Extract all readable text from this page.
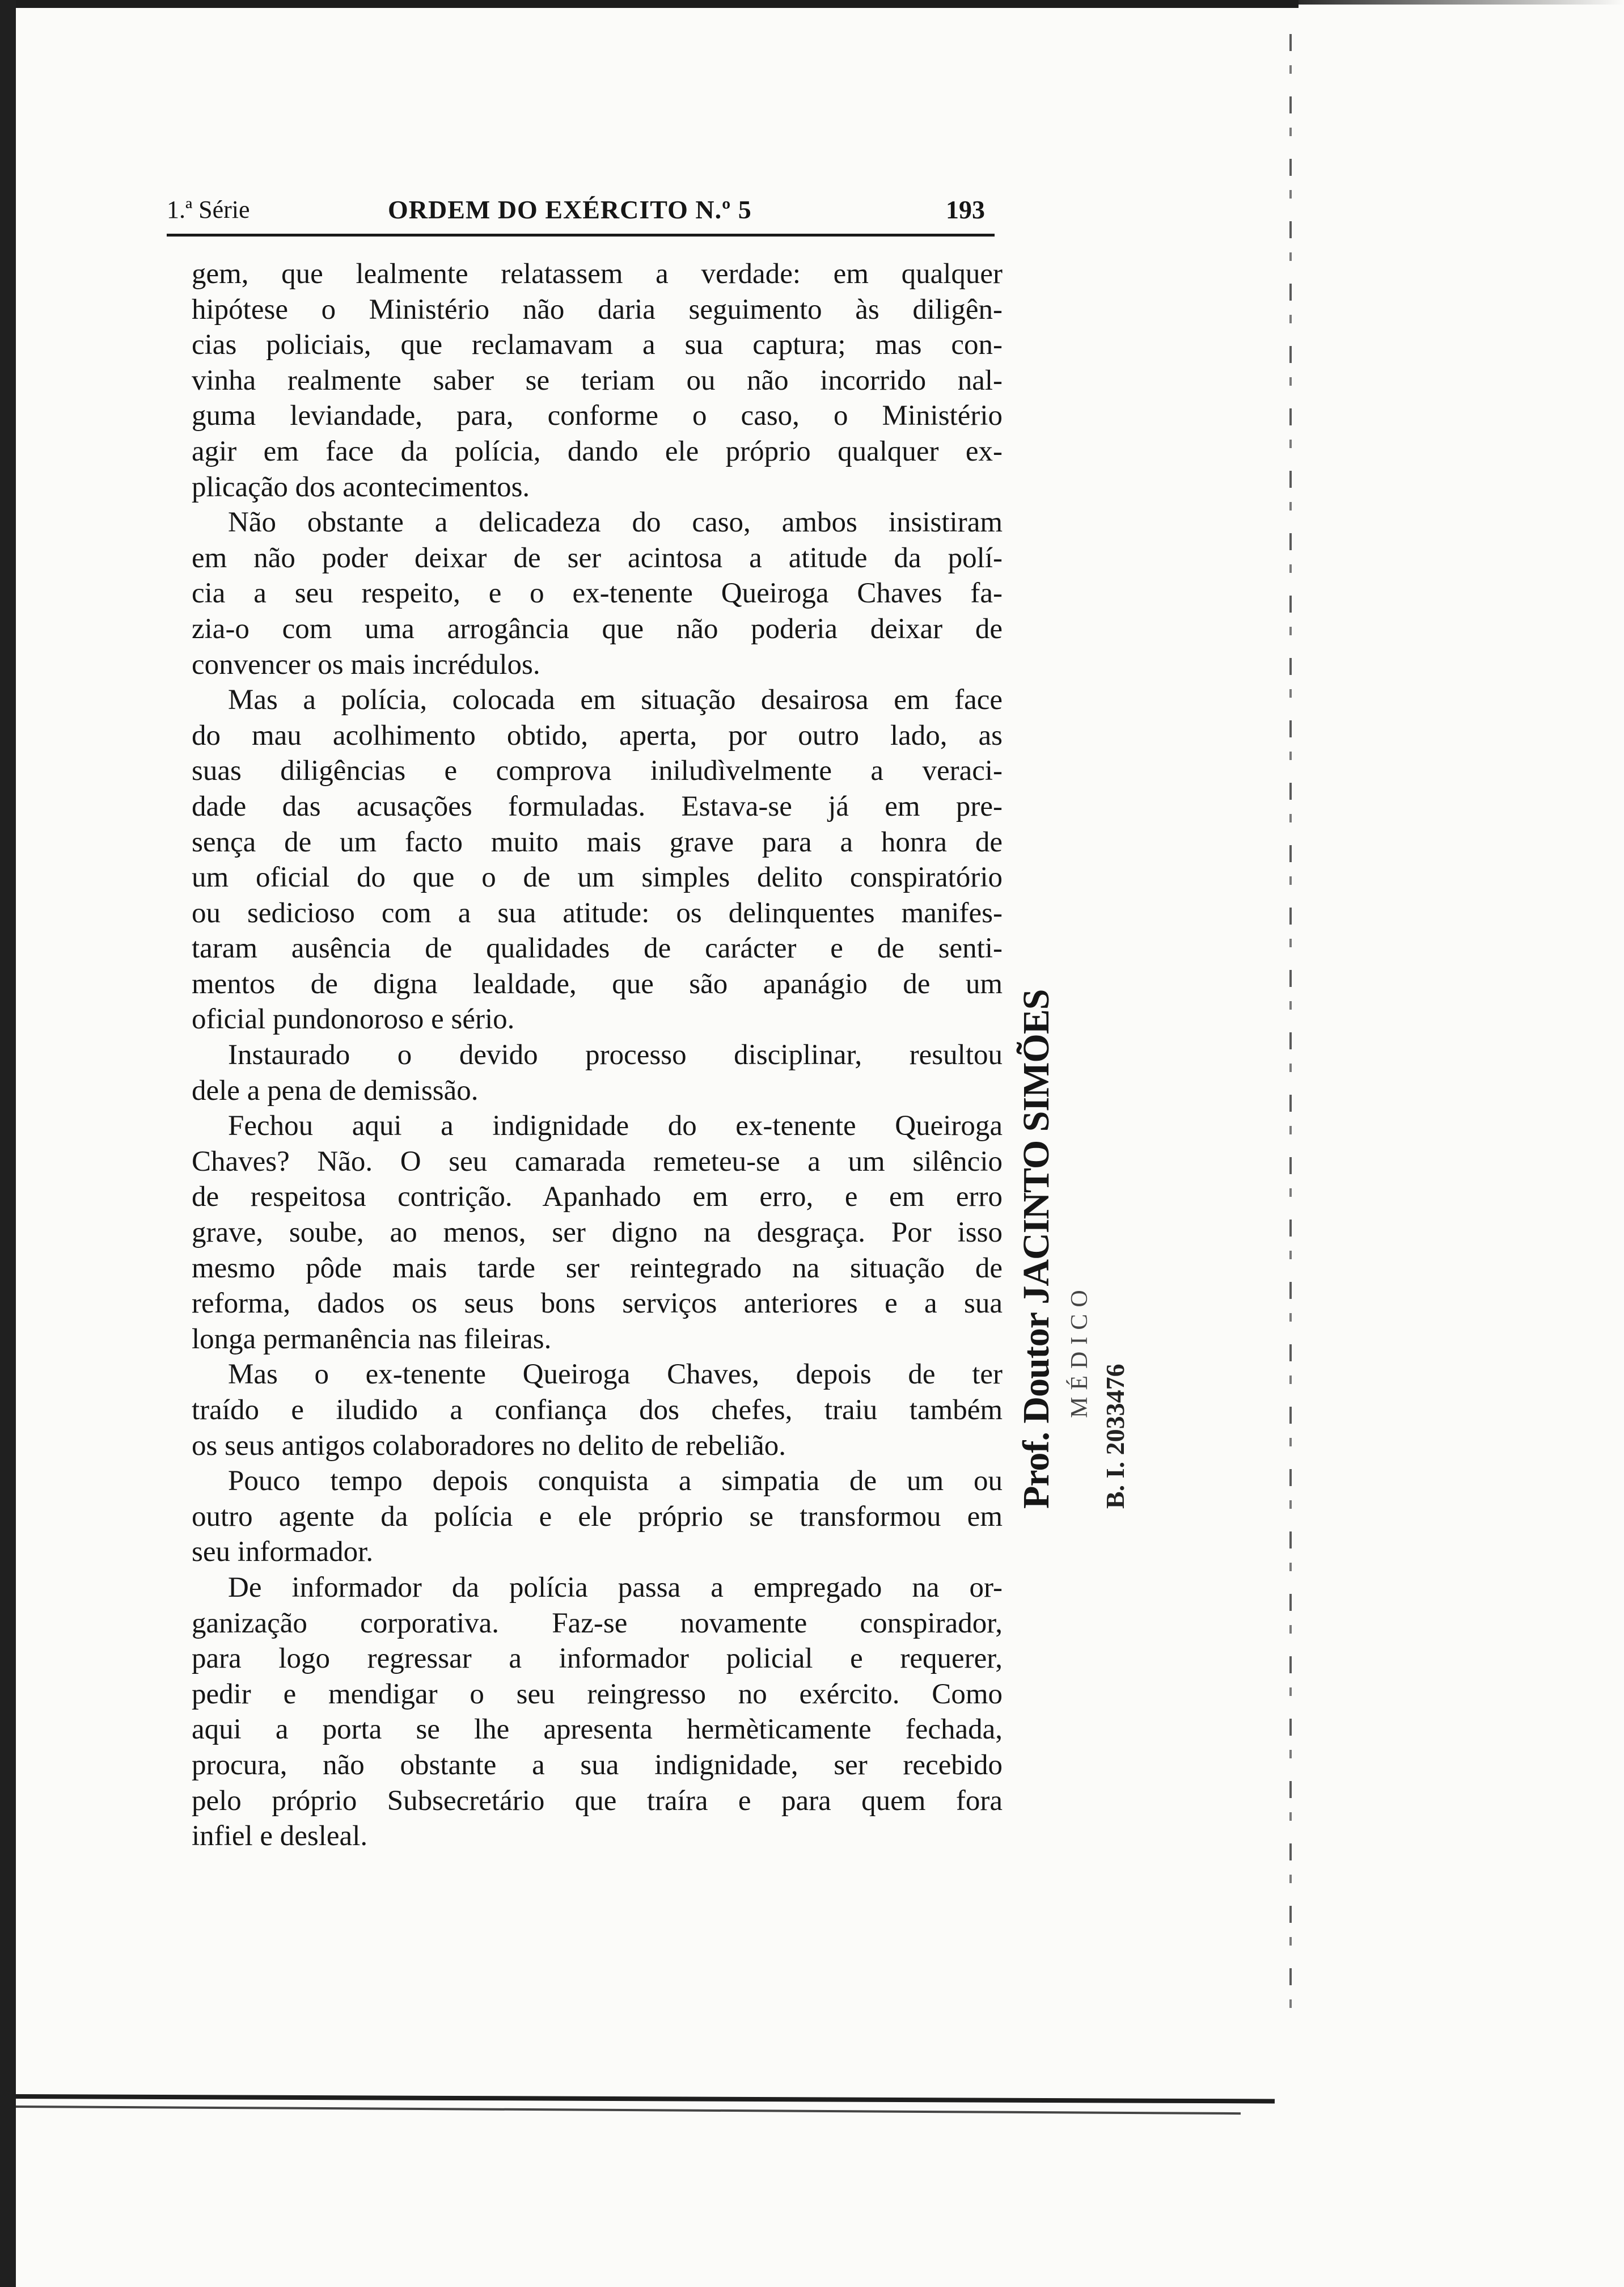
1.ª Série	ORDEM DO EXÉRCITO N.º 5	193
gem, que lealmente relatassem a verdade: em qualquer
hipótese o Ministério não daria seguimento às diligên-
cias policiais, que reclamavam a sua captura; mas con-
vinha realmente saber se teriam ou não incorrido nal-
guma leviandade, para, conforme o caso, o Ministério
agir em face da polícia, dando ele próprio qualquer ex-
plicação dos acontecimentos.
Não obstante a delicadeza do caso, ambos insistiram
em não poder deixar de ser acintosa a atitude da polí-
cia a seu respeito, e o ex-tenente Queiroga Chaves fa-
zia-o com uma arrogância que não poderia deixar de
convencer os mais incrédulos.
Mas a polícia, colocada em situação desairosa em face
do mau acolhimento obtido, aperta, por outro lado, as
suas diligências e comprova iniludìvelmente a veraci-
dade das acusações formuladas. Estava-se já em pre-
sença de um facto muito mais grave para a honra de
um oficial do que o de um simples delito conspiratório
ou sedicioso com a sua atitude: os delinquentes manifes-
taram ausência de qualidades de carácter e de senti-
mentos de digna lealdade, que são apanágio de um
oficial pundonoroso e sério.
Instaurado o devido processo disciplinar, resultou
dele a pena de demissão.
Fechou aqui a indignidade do ex-tenente Queiroga
Chaves? Não. O seu camarada remeteu-se a um silêncio
de respeitosa contrição. Apanhado em erro, e em erro
grave, soube, ao menos, ser digno na desgraça. Por isso
mesmo pôde mais tarde ser reintegrado na situação de
reforma, dados os seus bons serviços anteriores e a sua
longa permanência nas fileiras.
Mas o ex-tenente Queiroga Chaves, depois de ter
traído e iludido a confiança dos chefes, traiu também
os seus antigos colaboradores no delito de rebelião.
Pouco tempo depois conquista a simpatia de um ou
outro agente da polícia e ele próprio se transformou em
seu informador.
De informador da polícia passa a empregado na or-
ganização corporativa. Faz-se novamente conspirador,
para logo regressar a informador policial e requerer,
pedir e mendigar o seu reingresso no exército. Como
aqui a porta se lhe apresenta hermèticamente fechada,
procura, não obstante a sua indignidade, ser recebido
pelo próprio Subsecretário que traíra e para quem fora
infiel e desleal.
Prof. Doutor JACINTO SIMÕES MÉDICO
B. I. 2033476
